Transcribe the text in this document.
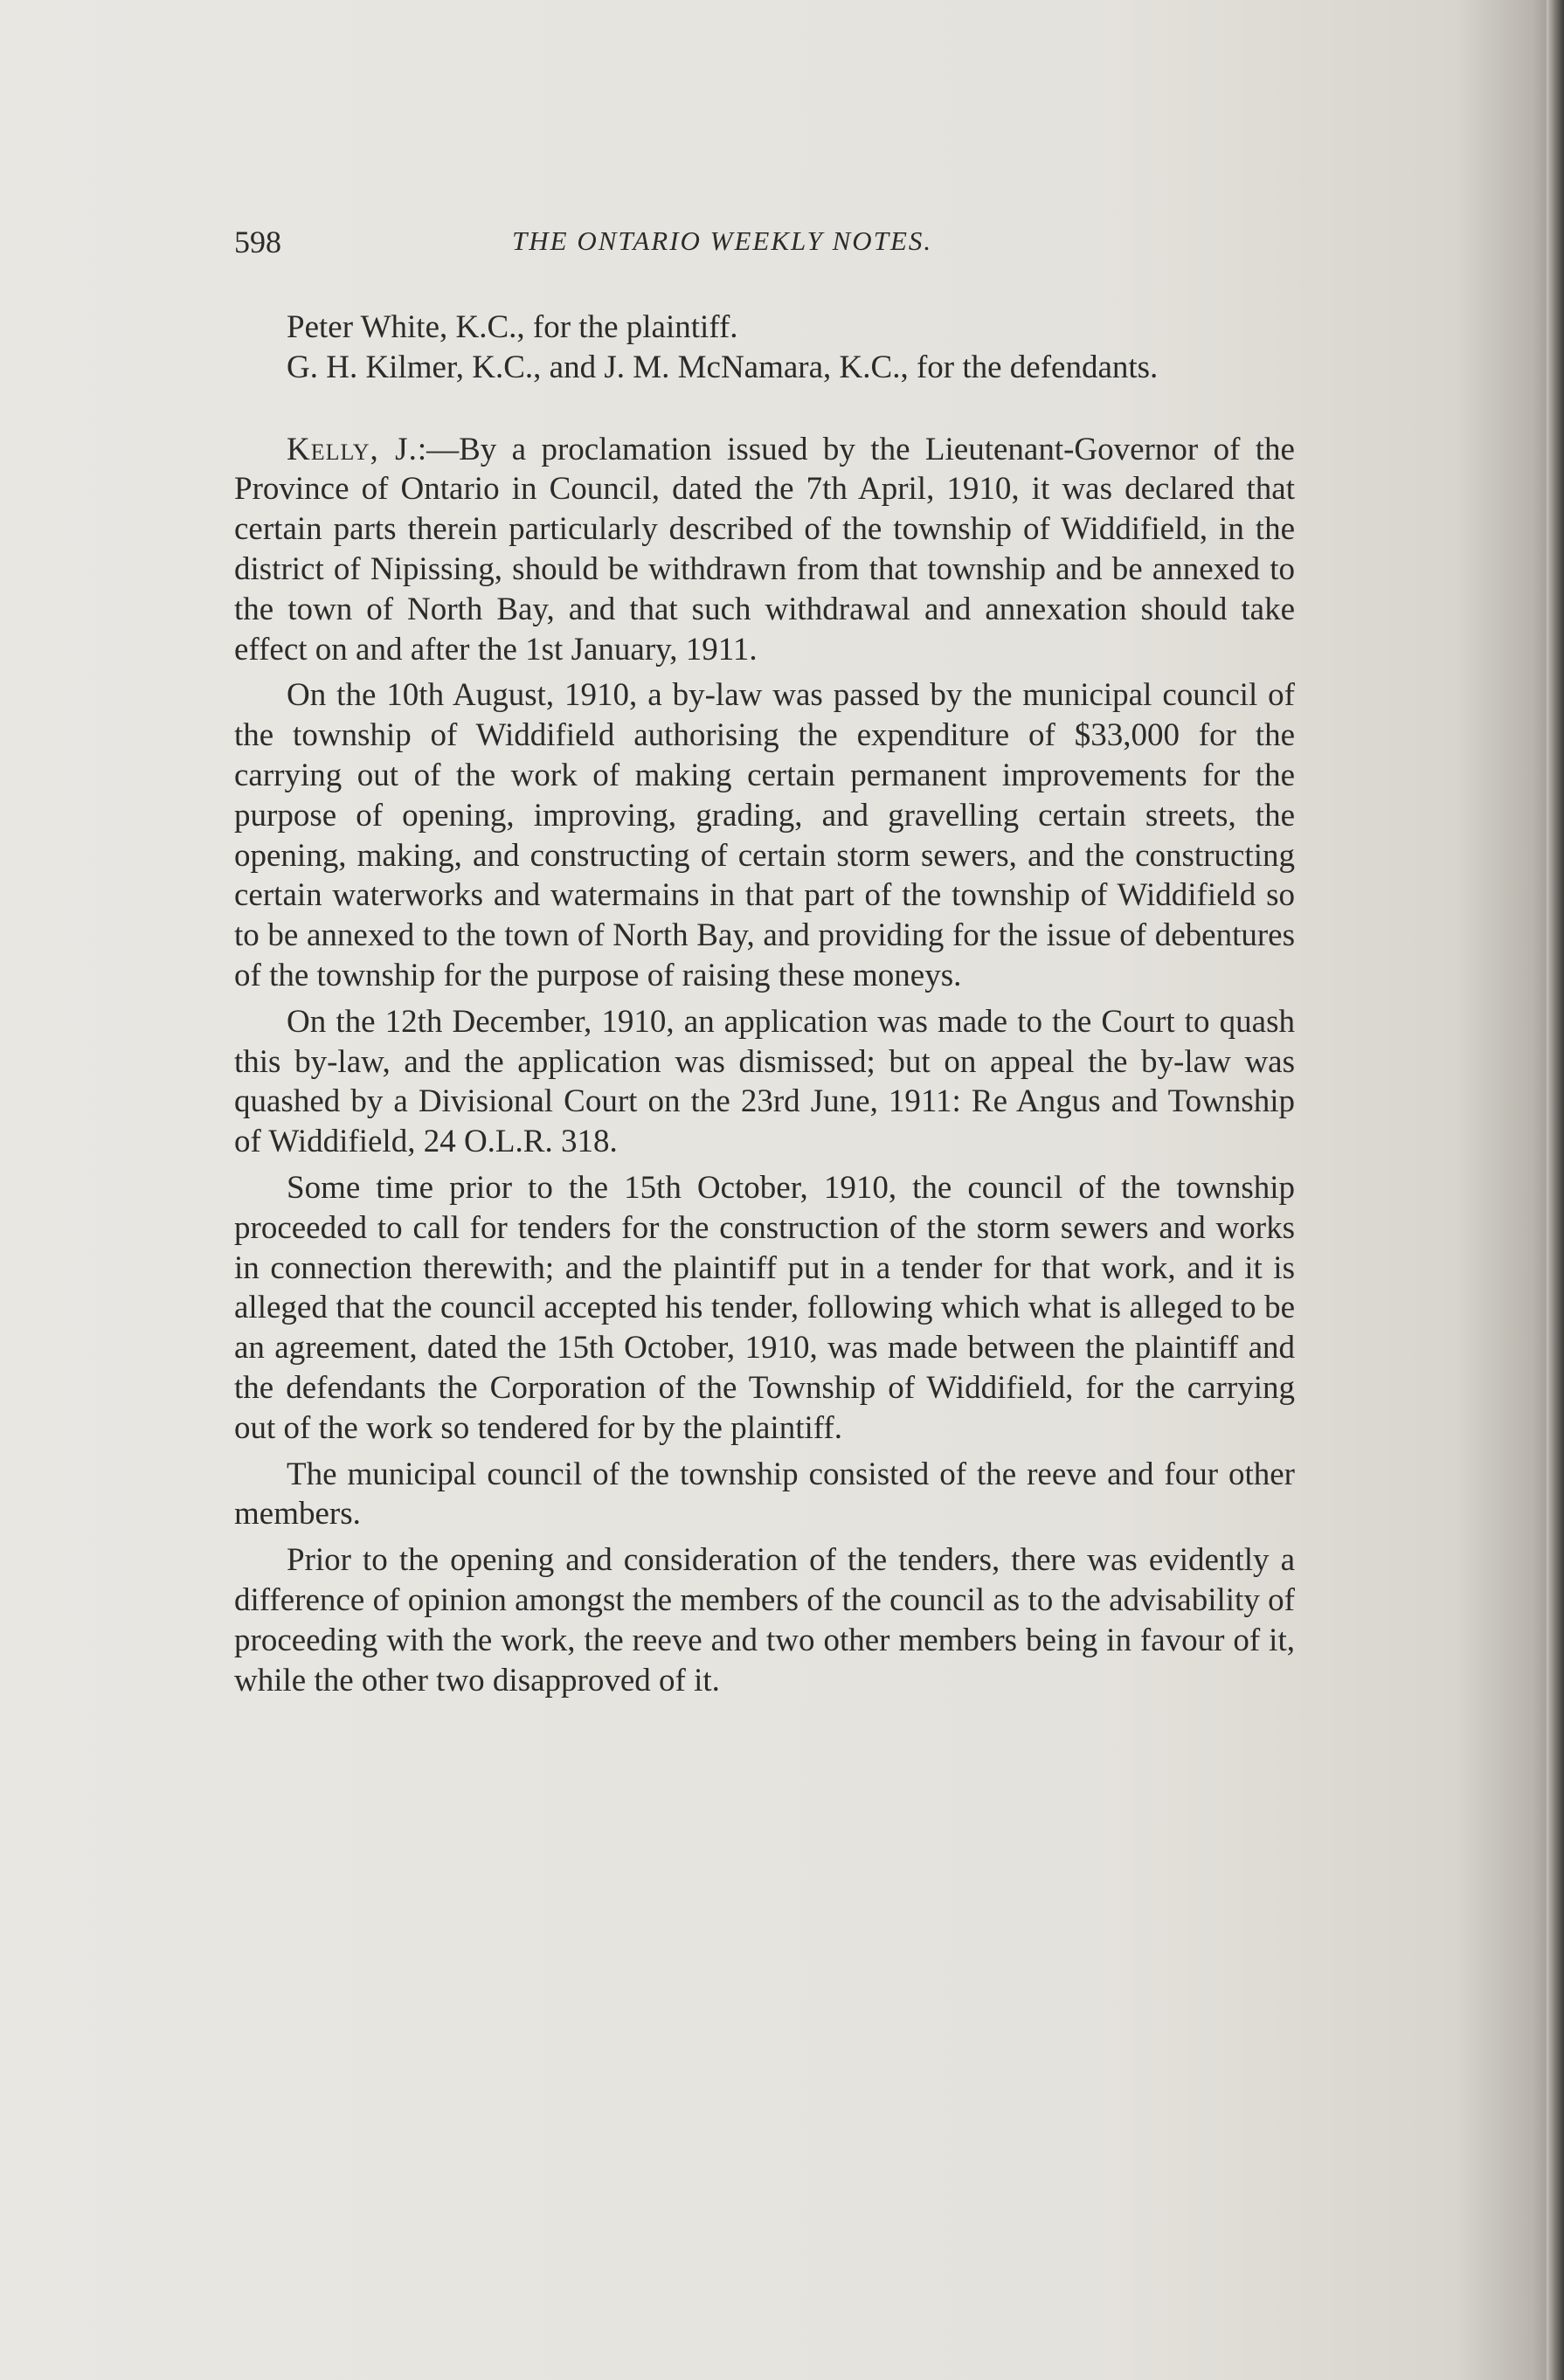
598	THE ONTARIO WEEKLY NOTES.

Peter White, K.C., for the plaintiff.

G. H. Kilmer, K.C., and J. M. McNamara, K.C., for the defendants.

Kelly, J.:—By a proclamation issued by the Lieutenant-Governor of the Province of Ontario in Council, dated the 7th April, 1910, it was declared that certain parts therein particularly described of the township of Widdifield, in the district of Nipissing, should be withdrawn from that township and be annexed to the town of North Bay, and that such withdrawal and annexation should take effect on and after the 1st January, 1911.

On the 10th August, 1910, a by-law was passed by the municipal council of the township of Widdifield authorising the expenditure of $33,000 for the carrying out of the work of making certain permanent improvements for the purpose of opening, improving, grading, and gravelling certain streets, the opening, making, and constructing of certain storm sewers, and the constructing certain waterworks and watermains in that part of the township of Widdifield so to be annexed to the town of North Bay, and providing for the issue of debentures of the township for the purpose of raising these moneys.

On the 12th December, 1910, an application was made to the Court to quash this by-law, and the application was dismissed; but on appeal the by-law was quashed by a Divisional Court on the 23rd June, 1911: Re Angus and Township of Widdifield, 24 O.L.R. 318.

Some time prior to the 15th October, 1910, the council of the township proceeded to call for tenders for the construction of the storm sewers and works in connection therewith; and the plaintiff put in a tender for that work, and it is alleged that the council accepted his tender, following which what is alleged to be an agreement, dated the 15th October, 1910, was made between the plaintiff and the defendants the Corporation of the Township of Widdifield, for the carrying out of the work so tendered for by the plaintiff.

The municipal council of the township consisted of the reeve and four other members.

Prior to the opening and consideration of the tenders, there was evidently a difference of opinion amongst the members of the council as to the advisability of proceeding with the work, the reeve and two other members being in favour of it, while the other two disapproved of it.
